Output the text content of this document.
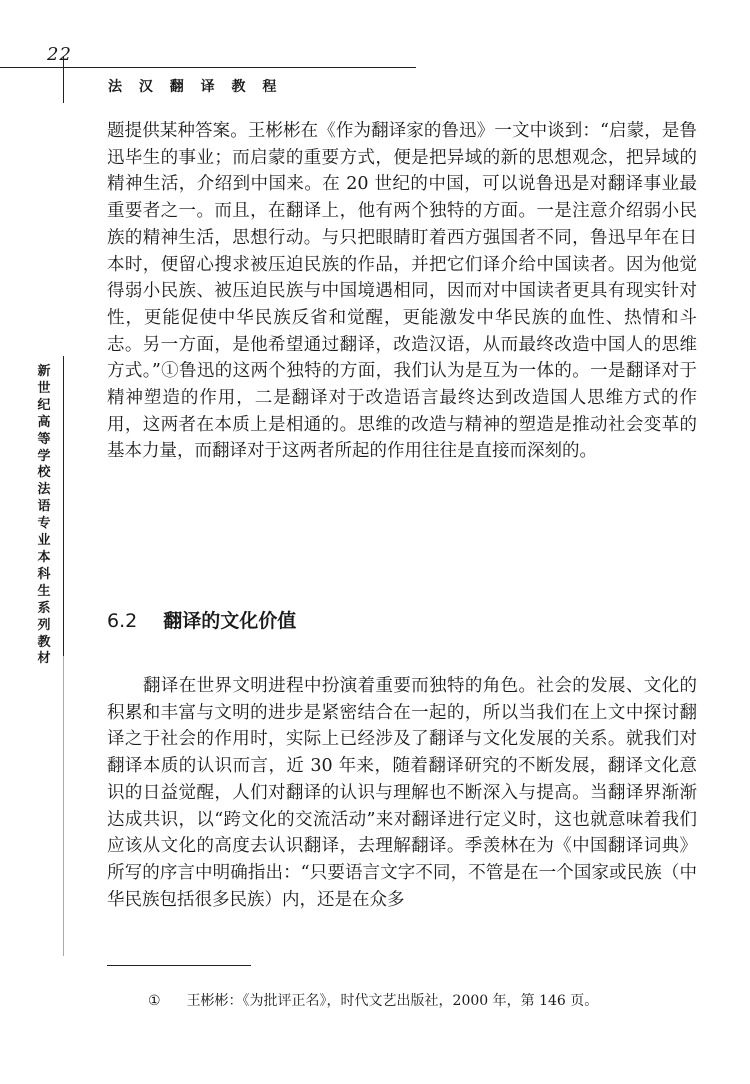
22
法 汉 翻 译 教 程
新世纪高等学校法语专业本科生系列教材

题提供某种答案。王彬彬在《作为翻译家的鲁迅》一文中谈到：“启蒙，是鲁迅毕生的事业；而启蒙的重要方式，便是把异域的新的思想观念，把异域的精神生活，介绍到中国来。在 20 世纪的中国，可以说鲁迅是对翻译事业最重要者之一。而且，在翻译上，他有两个独特的方面。一是注意介绍弱小民族的精神生活，思想行动。与只把眼睛盯着西方强国者不同，鲁迅早年在日本时，便留心搜求被压迫民族的作品，并把它们译介给中国读者。因为他觉得弱小民族、被压迫民族与中国境遇相同，因而对中国读者更具有现实针对性，更能促使中华民族反省和觉醒，更能激发中华民族的血性、热情和斗志。另一方面，是他希望通过翻译，改造汉语，从而最终改造中国人的思维方式。”①鲁迅的这两个独特的方面，我们认为是互为一体的。一是翻译对于精神塑造的作用，二是翻译对于改造语言最终达到改造国人思维方式的作用，这两者在本质上是相通的。思维的改造与精神的塑造是推动社会变革的基本力量，而翻译对于这两者所起的作用往往是直接而深刻的。

6.2 翻译的文化价值

翻译在世界文明进程中扮演着重要而独特的角色。社会的发展、文化的积累和丰富与文明的进步是紧密结合在一起的，所以当我们在上文中探讨翻译之于社会的作用时，实际上已经涉及了翻译与文化发展的关系。就我们对翻译本质的认识而言，近 30 年来，随着翻译研究的不断发展，翻译文化意识的日益觉醒，人们对翻译的认识与理解也不断深入与提高。当翻译界渐渐达成共识，以“跨文化的交流活动”来对翻译进行定义时，这也就意味着我们应该从文化的高度去认识翻译，去理解翻译。季羡林在为《中国翻译词典》所写的序言中明确指出：“只要语言文字不同，不管是在一个国家或民族（中华民族包括很多民族）内，还是在众多

① 王彬彬：《为批评正名》，时代文艺出版社，2000 年，第 146 页。
